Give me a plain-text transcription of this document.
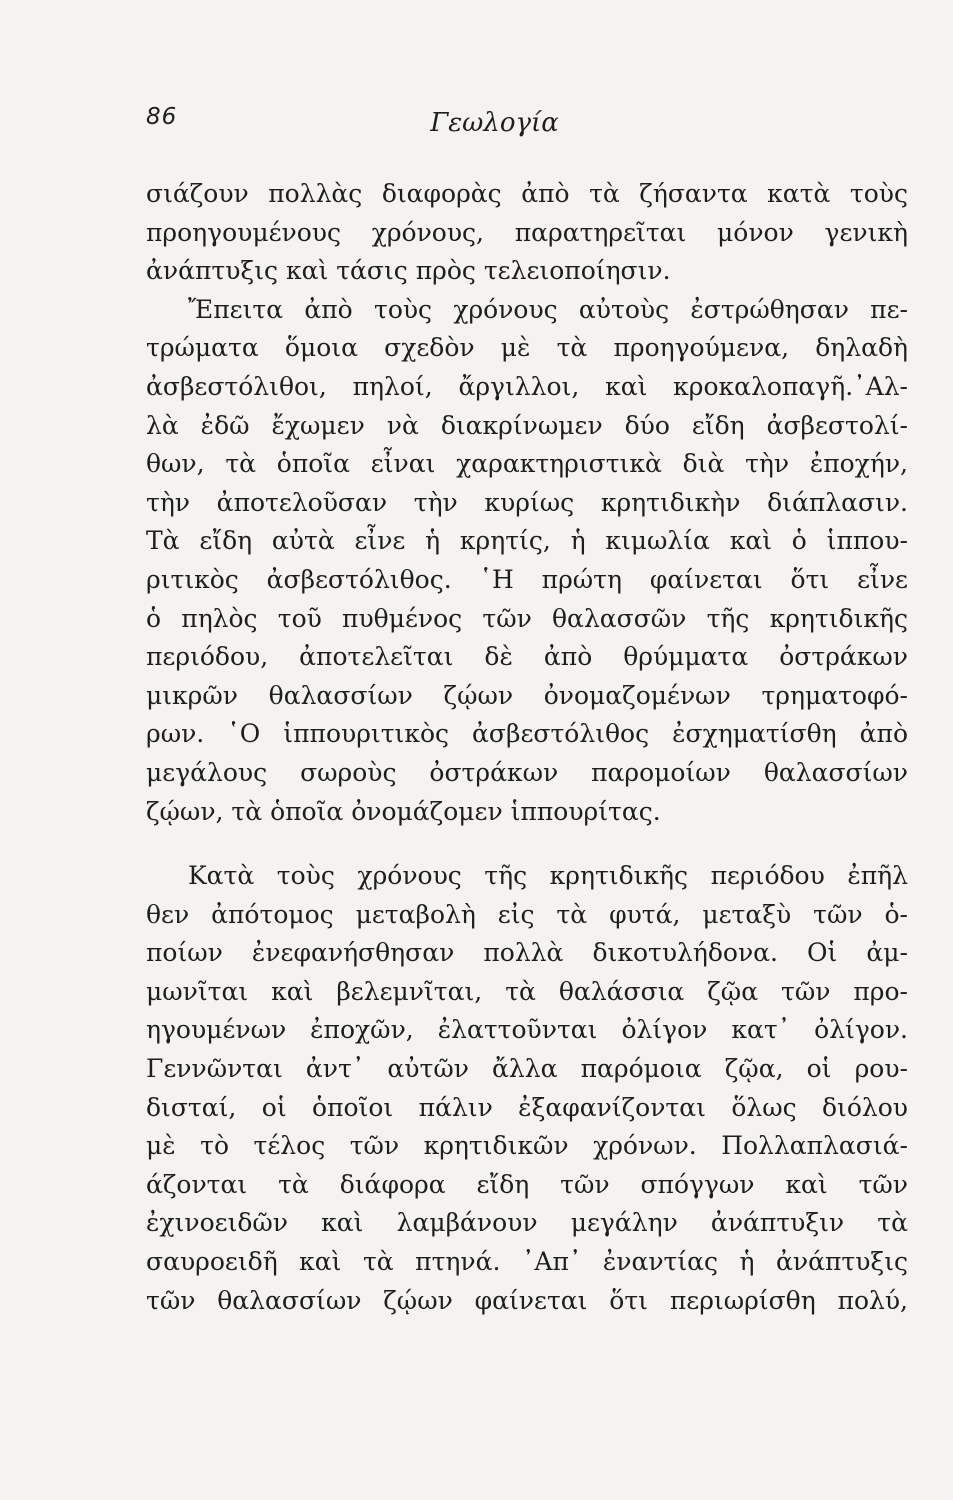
86	Γεωλογία
σιάζουν πολλὰς διαφορὰς ἀπὸ τὰ ζήσαντα κατὰ τοὺς
προηγουμένους χρόνους, παρατηρεῖται μόνον γενικὴ
ἀνάπτυξις καὶ τάσις πρὸς τελειοποίησιν.
Ἔπειτα ἀπὸ τοὺς χρόνους αὐτοὺς ἐστρώθησαν πε-
τρώματα ὅμοια σχεδὸν μὲ τὰ προηγούμενα, δηλαδὴ
ἀσβεστόλιθοι, πηλοί, ἄργιλλοι, καὶ κροκαλοπαγῆ.᾿Αλ-
λὰ ἐδῶ ἔχωμεν νὰ διακρίνωμεν δύο εἴδη ἀσβεστολί-
θων, τὰ ὁποῖα εἶναι χαρακτηριστικὰ διὰ τὴν ἐποχήν,
τὴν ἀποτελοῦσαν τὴν κυρίως κρητιδικὴν διάπλασιν.
Τὰ εἴδη αὐτὰ εἶνε ἡ κρητίς, ἡ κιμωλία καὶ ὁ ἱππου-
ριτικὸς ἀσβεστόλιθος. ῾Η πρώτη φαίνεται ὅτι εἶνε
ὁ πηλὸς τοῦ πυθμένος τῶν θαλασσῶν τῆς κρητιδικῆς
περιόδου, ἀποτελεῖται δὲ ἀπὸ θρύμματα ὀστράκων
μικρῶν θαλασσίων ζῴων ὀνομαζομένων τρηματοφό-
ρων. ῾Ο ἱππουριτικὸς ἀσβεστόλιθος ἐσχηματίσθη ἀπὸ
μεγάλους σωροὺς ὀστράκων παρομοίων θαλασσίων
ζῴων, τὰ ὁποῖα ὀνομάζομεν ἱππουρίτας.
Κατὰ τοὺς χρόνους τῆς κρητιδικῆς περιόδου ἐπῆλ
θεν ἀπότομος μεταβολὴ εἰς τὰ φυτά, μεταξὺ τῶν ὁ-
ποίων ἐνεφανήσθησαν πολλὰ δικοτυλήδονα. Οἱ ἀμ-
μωνῖται καὶ βελεμνῖται, τὰ θαλάσσια ζῷα τῶν προ-
ηγουμένων ἐποχῶν, ἐλαττοῦνται ὀλίγον κατ᾿ ὀλίγον.
Γεννῶνται ἀντ᾿ αὐτῶν ἄλλα παρόμοια ζῷα, οἱ ρου-
δισταί, οἱ ὁποῖοι πάλιν ἐξαφανίζονται ὅλως διόλου
μὲ τὸ τέλος τῶν κρητιδικῶν χρόνων. Πολλαπλασιά-
άζονται τὰ διάφορα εἴδη τῶν σπόγγων καὶ τῶν
ἐχινοειδῶν καὶ λαμβάνουν μεγάλην ἀνάπτυξιν τὰ
σαυροειδῆ καὶ τὰ πτηνά. ᾿Απ᾿ ἐναντίας ἡ ἀνάπτυξις
τῶν θαλασσίων ζῴων φαίνεται ὅτι περιωρίσθη πολύ,
